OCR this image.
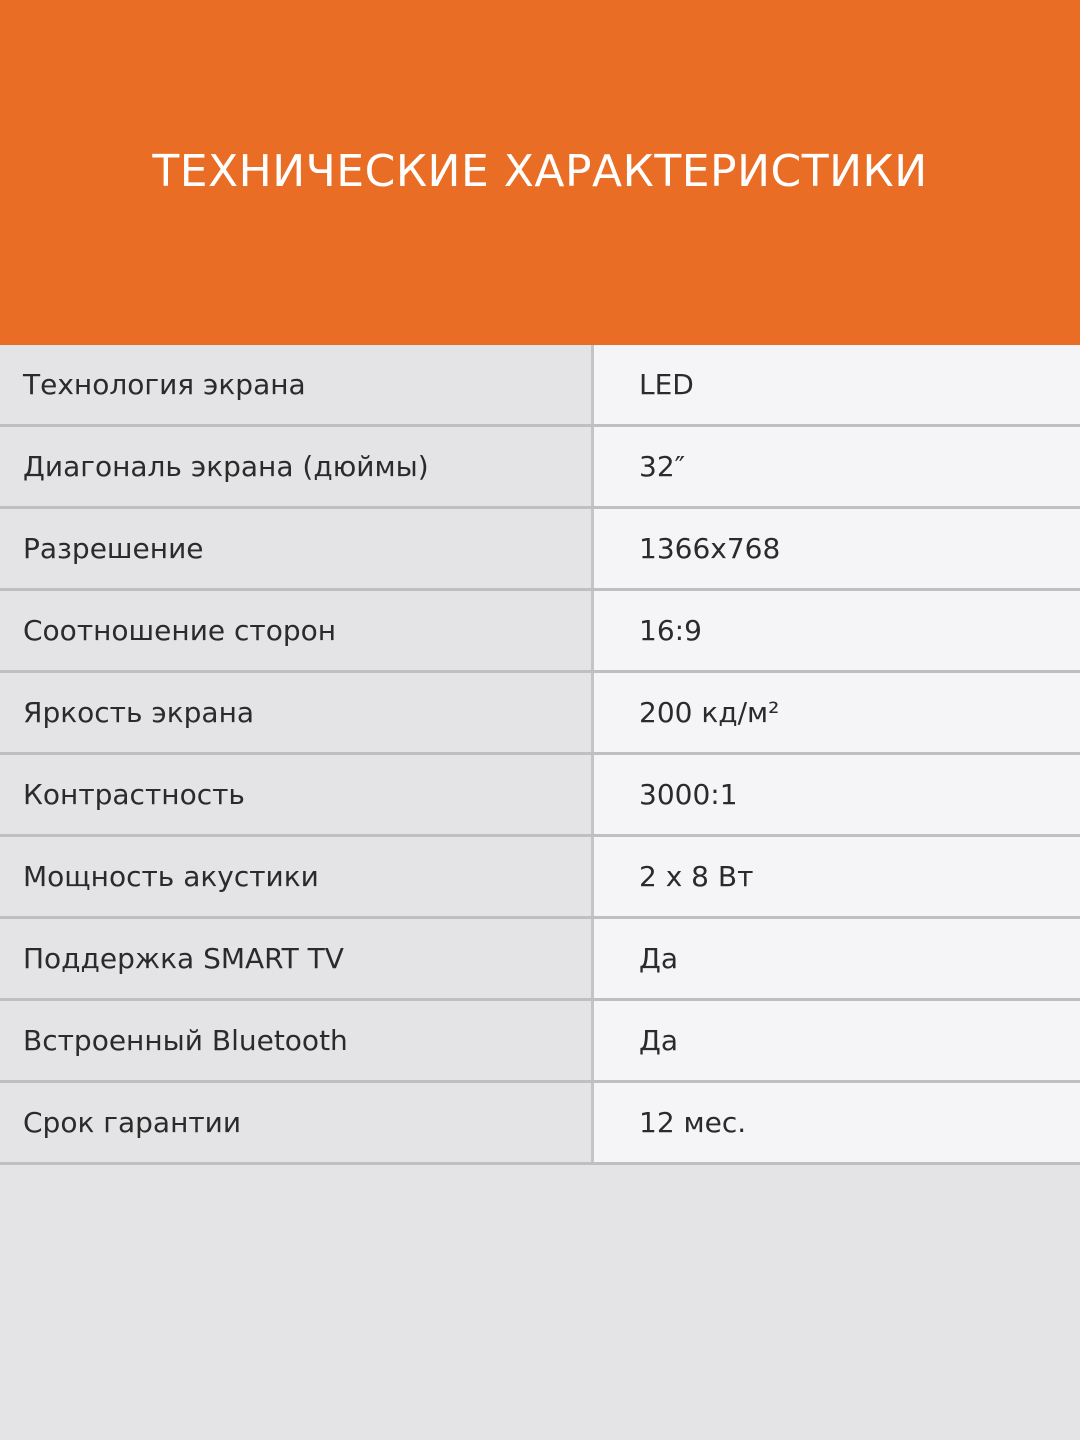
ТЕХНИЧЕСКИЕ ХАРАКТЕРИСТИКИ
Технология экрана	LED
Диагональ экрана (дюймы)	32″
Разрешение	1366x768
Соотношение сторон	16:9
Яркость экрана	200 кд/м²
Контрастность	3000:1
Мощность акустики	2 x 8 Вт
Поддержка SMART TV	Да
Встроенный Bluetooth	Да
Срок гарантии	12 мес.
